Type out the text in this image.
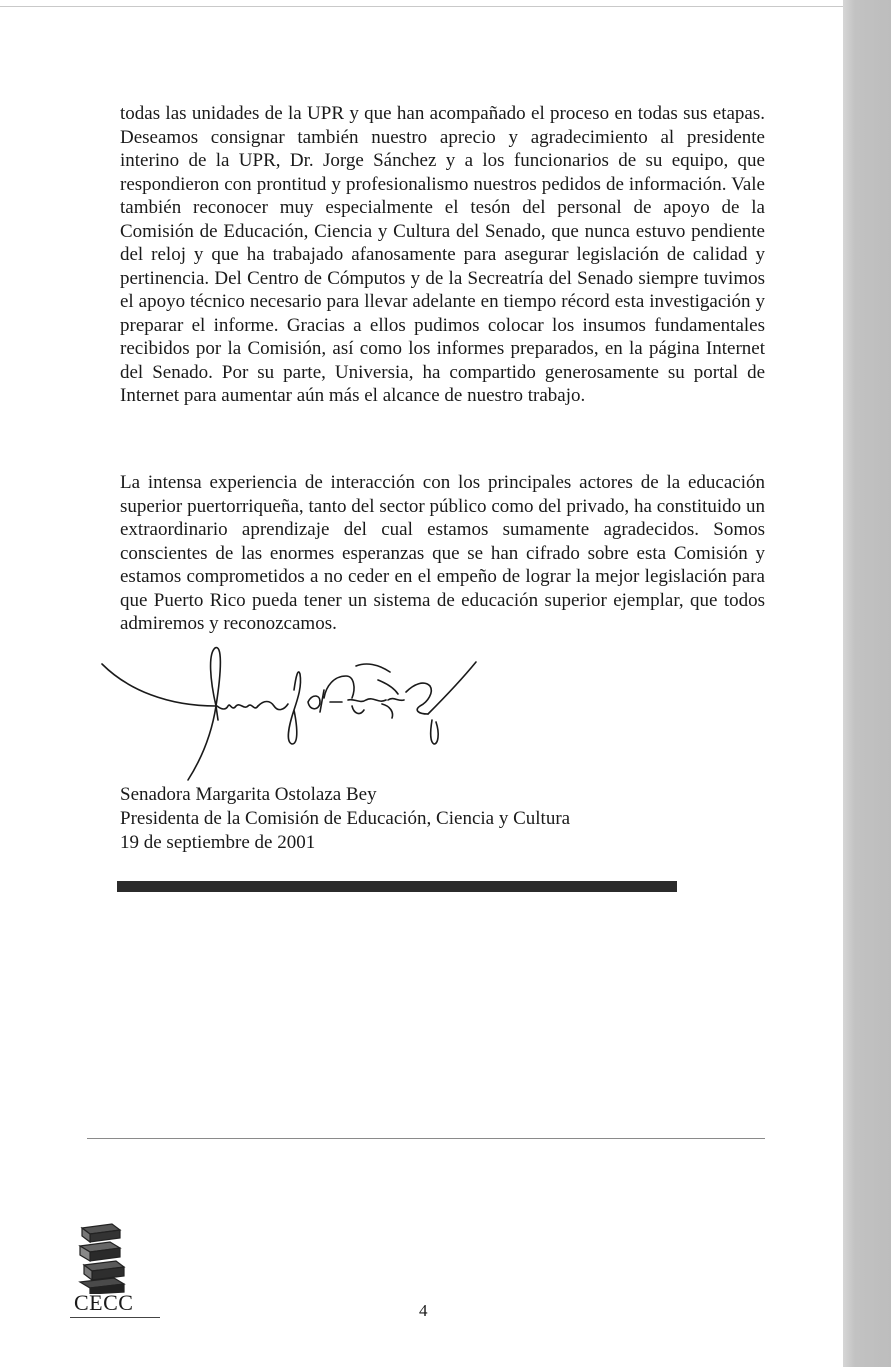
todas las unidades de la UPR y que han acompañado el proceso en todas sus etapas. Deseamos consignar también nuestro aprecio y agradecimiento al presidente interino de la UPR, Dr. Jorge Sánchez y a los funcionarios de su equipo, que respondieron con prontitud y profesionalismo nuestros pedidos de información. Vale también reconocer muy especialmente el tesón del personal de apoyo de la Comisión de Educación, Ciencia y Cultura del Senado, que nunca estuvo pendiente del reloj y que ha trabajado afanosamente para asegurar legislación de calidad y pertinencia. Del Centro de Cómputos y de la Secreatría del Senado siempre tuvimos el apoyo técnico necesario para llevar adelante en tiempo récord esta investigación y preparar el informe. Gracias a ellos pudimos colocar los insumos fundamentales recibidos por la Comisión, así como los informes preparados, en la página Internet del Senado. Por su parte, Universia, ha compartido generosamente su portal de Internet para aumentar aún más el alcance de nuestro trabajo.

La intensa experiencia de interacción con los principales actores de la educación superior puertorriqueña, tanto del sector público como del privado, ha constituido un extraordinario aprendizaje del cual estamos sumamente agradecidos. Somos conscientes de las enormes esperanzas que se han cifrado sobre esta Comisión y estamos comprometidos a no ceder en el empeño de lograr la mejor legislación para que Puerto Rico pueda tener un sistema de educación superior ejemplar, que todos admiremos y reconozcamos.

Margarita Ostolaza Bey
Senadora Margarita Ostolaza Bey
Presidenta de la Comisión de Educación, Ciencia y Cultura
19 de septiembre de 2001
CECC	4
